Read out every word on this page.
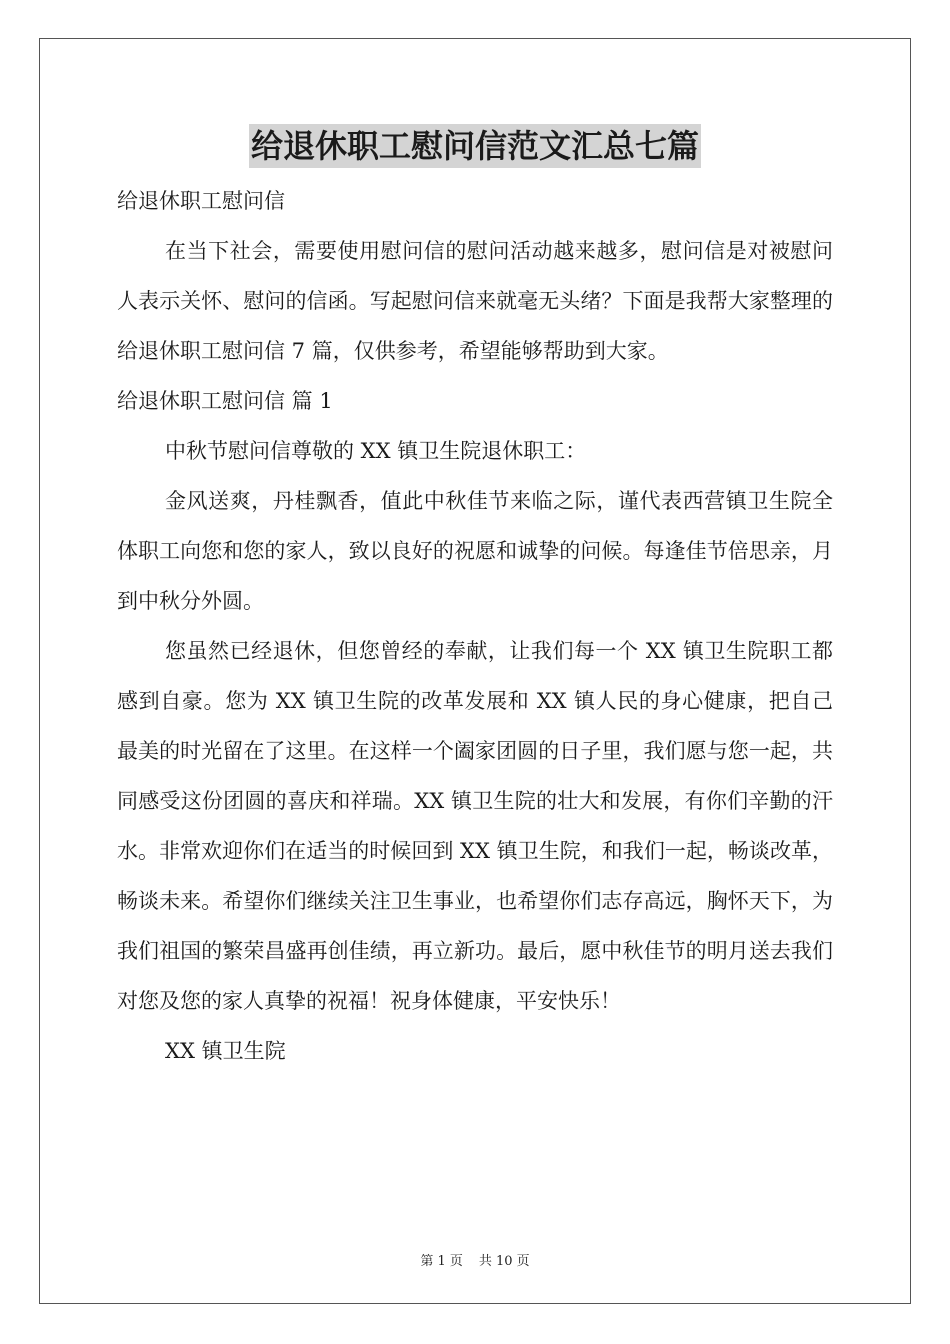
给退休职工慰问信范文汇总七篇

给退休职工慰问信

在当下社会，需要使用慰问信的慰问活动越来越多，慰问信是对被慰问人表示关怀、慰问的信函。写起慰问信来就毫无头绪？下面是我帮大家整理的给退休职工慰问信 7 篇，仅供参考，希望能够帮助到大家。

给退休职工慰问信 篇 1

中秋节慰问信尊敬的 XX 镇卫生院退休职工：

金风送爽，丹桂飘香，值此中秋佳节来临之际，谨代表西营镇卫生院全体职工向您和您的家人，致以良好的祝愿和诚挚的问候。每逢佳节倍思亲，月到中秋分外圆。

您虽然已经退休，但您曾经的奉献，让我们每一个 XX 镇卫生院职工都感到自豪。您为 XX 镇卫生院的改革发展和 XX 镇人民的身心健康，把自己最美的时光留在了这里。在这样一个阖家团圆的日子里，我们愿与您一起，共同感受这份团圆的喜庆和祥瑞。XX 镇卫生院的壮大和发展，有你们辛勤的汗水。非常欢迎你们在适当的时候回到 XX 镇卫生院，和我们一起，畅谈改革，畅谈未来。希望你们继续关注卫生事业，也希望你们志存高远，胸怀天下，为我们祖国的繁荣昌盛再创佳绩，再立新功。最后，愿中秋佳节的明月送去我们对您及您的家人真挚的祝福！祝身体健康，平安快乐！

XX 镇卫生院

第 1 页 共 10 页
